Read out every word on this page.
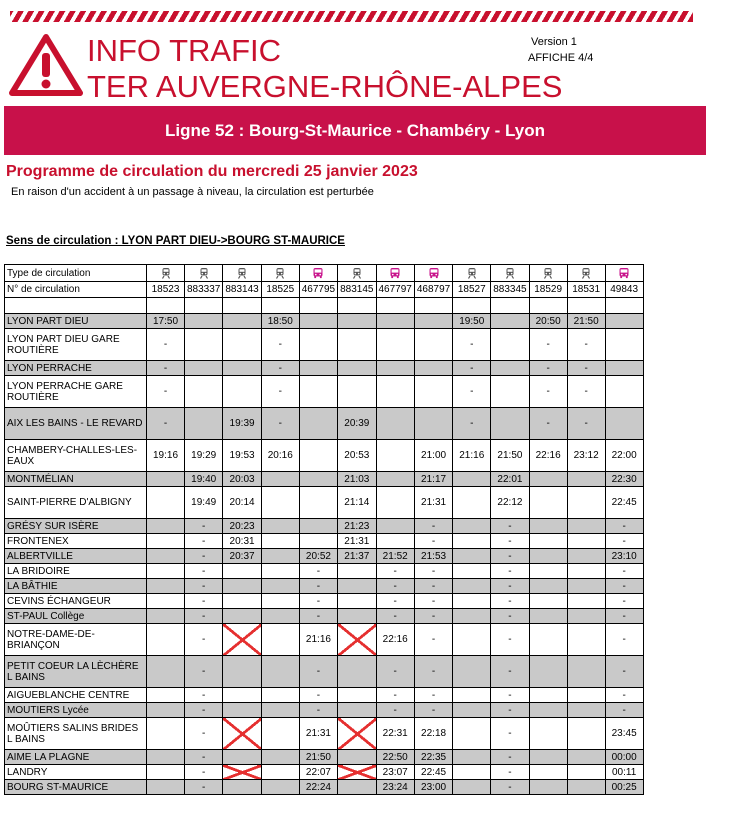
INFO TRAFIC
TER AUVERGNE-RHÔNE-ALPES
Version 1
AFFICHE 4/4
Ligne 52 : Bourg-St-Maurice - Chambéry - Lyon
Programme de circulation du mercredi 25 janvier 2023
En raison d'un accident à un passage à niveau, la circulation est perturbée
Sens de circulation : LYON PART DIEU->BOURG ST-MAURICE
Type de circulation													
N° de circulation	18523	883337	883143	18525	467795	883145	467797	468797	18527	883345	18529	18531	49843

LYON PART DIEU	17:50			18:50					19:50		20:50	21:50	
LYON PART DIEU GARE ROUTIÈRE	-			-					-		-	-	
LYON PERRACHE	-			-					-		-	-	
LYON PERRACHE GARE ROUTIÈRE	-			-					-		-	-	
AIX LES BAINS - LE REVARD	-		19:39	-		20:39			-		-	-	
CHAMBERY-CHALLES-LES-EAUX	19:16	19:29	19:53	20:16		20:53		21:00	21:16	21:50	22:16	23:12	22:00
MONTMÉLIAN		19:40	20:03			21:03		21:17		22:01			22:30
SAINT-PIERRE D'ALBIGNY		19:49	20:14			21:14		21:31		22:12			22:45
GRÉSY SUR ISÈRE		-	20:23			21:23		-		-			-
FRONTENEX		-	20:31			21:31		-		-			-
ALBERTVILLE		-	20:37		20:52	21:37	21:52	21:53		-			23:10
LA BRIDOIRE		-			-		-	-		-			-
LA BÂTHIE		-			-		-	-		-			-
CEVINS ÉCHANGEUR		-			-		-	-		-			-
ST-PAUL Collège		-			-		-	-		-			-
NOTRE-DAME-DE-BRIANÇON		-			21:16		22:16	-		-			-
PETIT COEUR LA LÈCHÈRE L BAINS		-			-		-	-		-			-
AIGUEBLANCHE CENTRE		-			-		-	-		-			-
MOUTIERS Lycée		-			-		-	-		-			-
MOÛTIERS SALINS BRIDES L BAINS		-			21:31		22:31	22:18		-			23:45
AIME LA PLAGNE		-			21:50		22:50	22:35		-			00:00
LANDRY		-			22:07		23:07	22:45		-			00:11
BOURG ST-MAURICE		-			22:24		23:24	23:00		-			00:25
